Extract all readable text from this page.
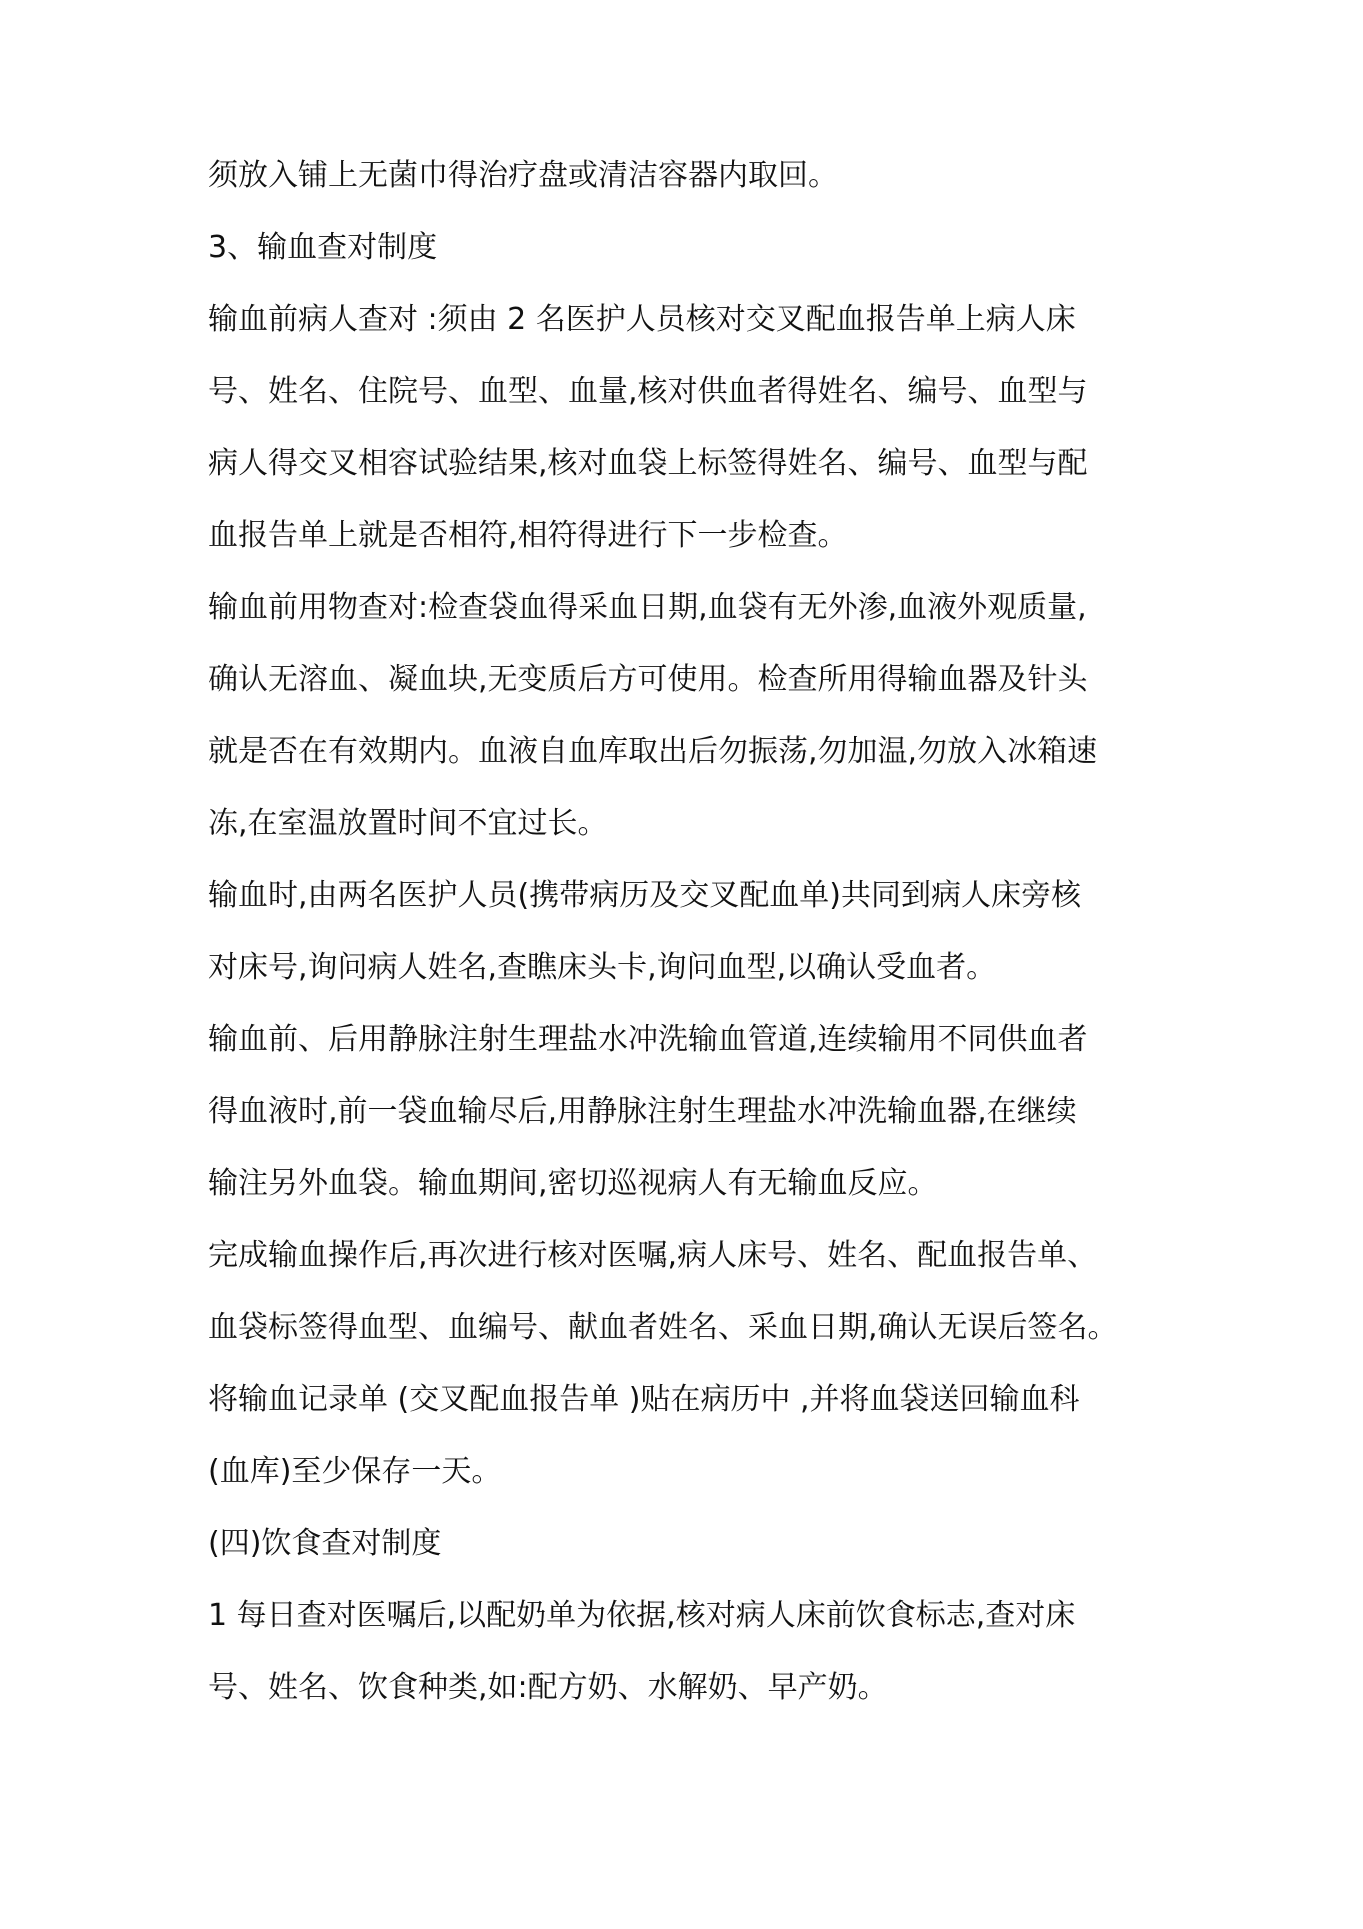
须放入铺上无菌巾得治疗盘或清洁容器内取回。
3、输血查对制度
输血前病人查对 :须由 2 名医护人员核对交叉配血报告单上病人床
号、姓名、住院号、血型、血量,核对供血者得姓名、编号、血型与
病人得交叉相容试验结果,核对血袋上标签得姓名、编号、血型与配
血报告单上就是否相符,相符得进行下一步检查。
输血前用物查对:检查袋血得采血日期,血袋有无外渗,血液外观质量,
确认无溶血、凝血块,无变质后方可使用。检查所用得输血器及针头
就是否在有效期内。血液自血库取出后勿振荡,勿加温,勿放入冰箱速
冻,在室温放置时间不宜过长。
输血时,由两名医护人员(携带病历及交叉配血单)共同到病人床旁核
对床号,询问病人姓名,查瞧床头卡,询问血型,以确认受血者。
输血前、后用静脉注射生理盐水冲洗输血管道,连续输用不同供血者
得血液时,前一袋血输尽后,用静脉注射生理盐水冲洗输血器,在继续
输注另外血袋。输血期间,密切巡视病人有无输血反应。
完成输血操作后,再次进行核对医嘱,病人床号、姓名、配血报告单、
血袋标签得血型、血编号、献血者姓名、采血日期,确认无误后签名。
将输血记录单 (交叉配血报告单 )贴在病历中 ,并将血袋送回输血科
(血库)至少保存一天。
(四)饮食查对制度
1 每日查对医嘱后,以配奶单为依据,核对病人床前饮食标志,查对床
号、姓名、饮食种类,如:配方奶、水解奶、早产奶。
